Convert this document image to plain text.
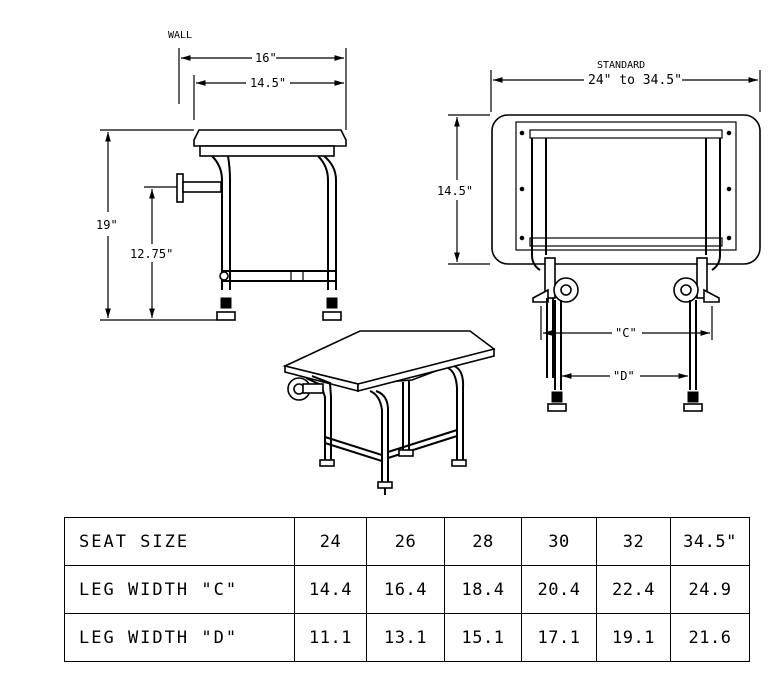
WALL
16"
14.5"
19"
12.75"
STANDARD
24" to 34.5"
14.5"
"C"
"D"
SEAT SIZE	24	26	28	30	32	34.5"
LEG WIDTH "C"	14.4	16.4	18.4	20.4	22.4	24.9
LEG WIDTH "D"	11.1	13.1	15.1	17.1	19.1	21.6
